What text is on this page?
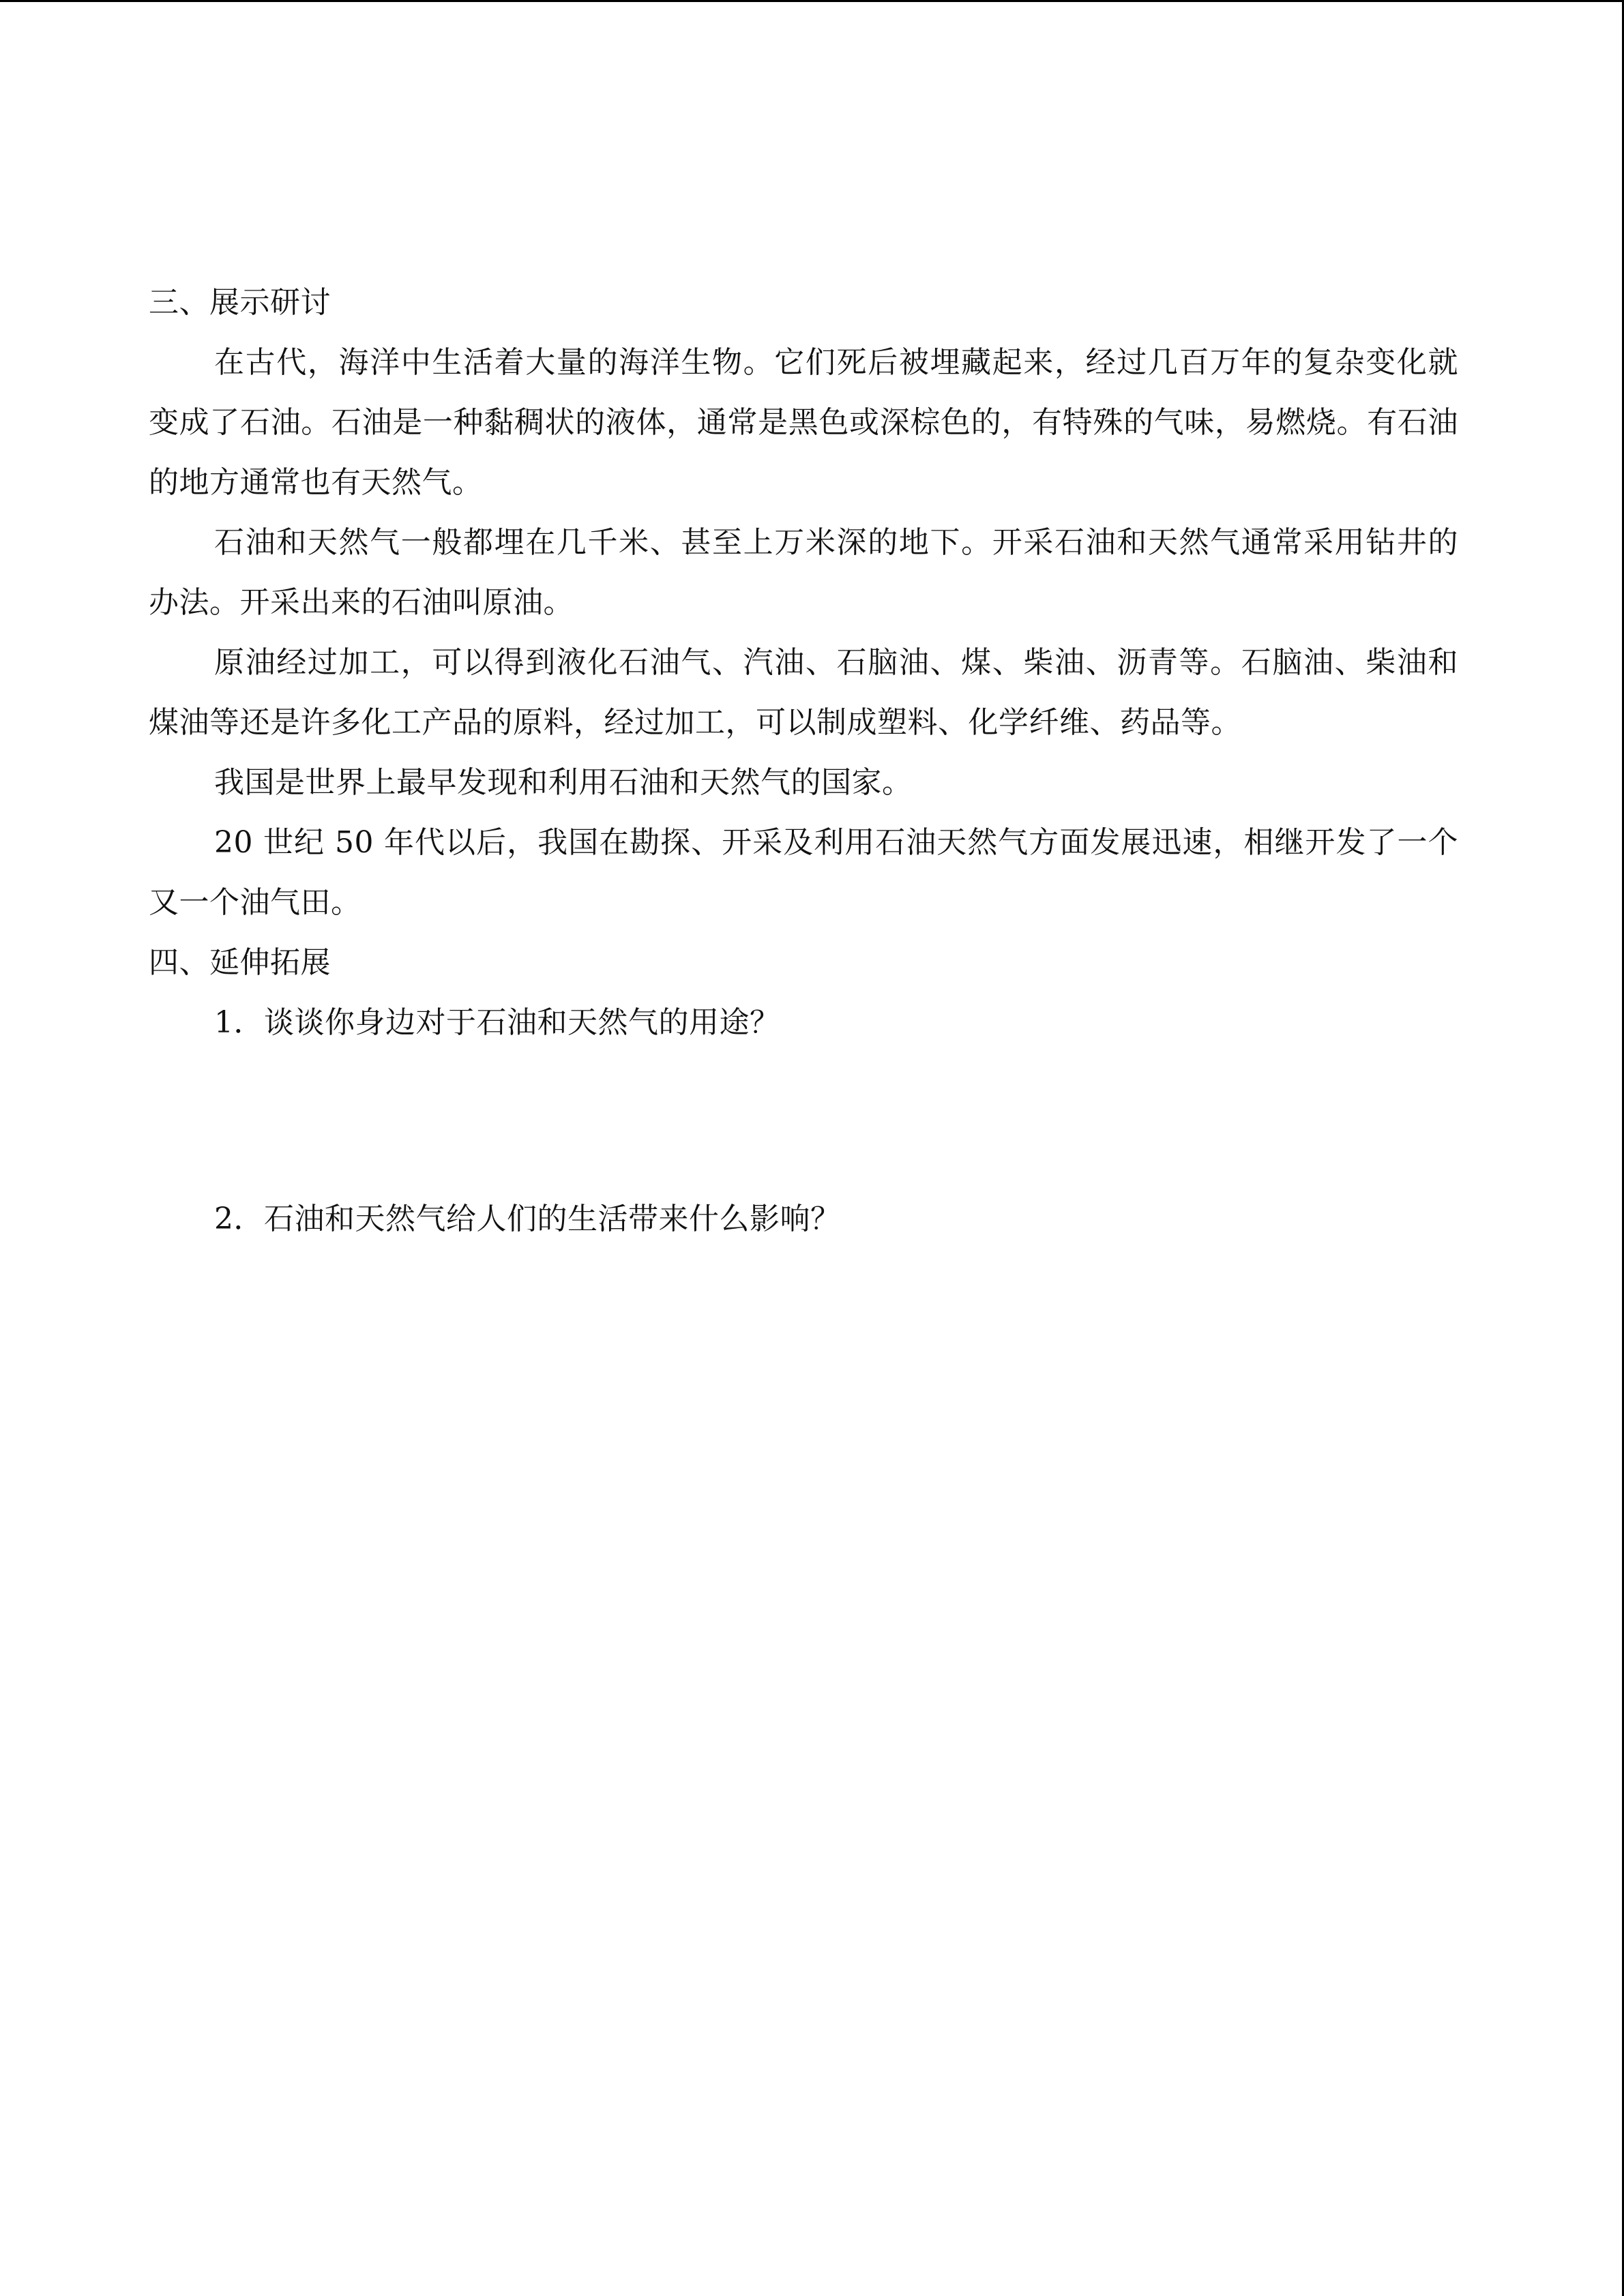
三、展示研讨

在古代，海洋中生活着大量的海洋生物。它们死后被埋藏起来，经过几百万年的复杂变化就变成了石油。石油是一种黏稠状的液体，通常是黑色或深棕色的，有特殊的气味，易燃烧。有石油的地方通常也有天然气。

石油和天然气一般都埋在几千米、甚至上万米深的地下。开采石油和天然气通常采用钻井的办法。开采出来的石油叫原油。

原油经过加工，可以得到液化石油气、汽油、石脑油、煤、柴油、沥青等。石脑油、柴油和煤油等还是许多化工产品的原料，经过加工，可以制成塑料、化学纤维、药品等。

我国是世界上最早发现和利用石油和天然气的国家。

20 世纪 50 年代以后，我国在勘探、开采及利用石油天然气方面发展迅速，相继开发了一个又一个油气田。

四、延伸拓展

1．谈谈你身边对于石油和天然气的用途？

2．石油和天然气给人们的生活带来什么影响？
